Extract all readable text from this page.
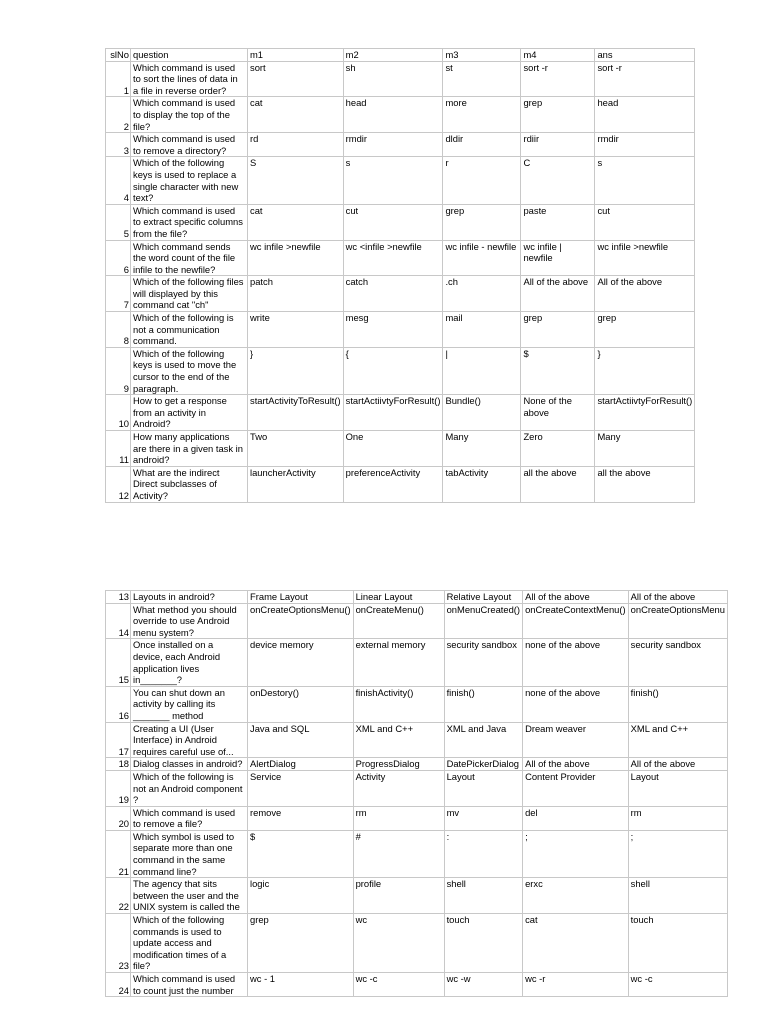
slNo	question	m1	m2	m3	m4	ans
1	Which command is used to sort the lines of data in a file in reverse order?	sort	sh	st	sort -r	sort -r
2	Which command is used to display the top of the file?	cat	head	more	grep	head
3	Which command is used to remove a directory?	rd	rmdir	dldir	rdiir	rmdir
4	Which of the following keys is used to replace a single character with new text?	S	s	r	C	s
5	Which command is used to extract specific columns from the file?	cat	cut	grep	paste	cut
6	Which command sends the word count of the file infile to the newfile?	wc infile >newfile	wc <infile >newfile	wc infile - newfile	wc infile | newfile	wc infile >newfile
7	Which of the following files will displayed by this command cat "ch"	patch	catch	.ch	All of the above	All of the above
8	Which of the following is not a communication command.	write	mesg	mail	grep	grep
9	Which of the following keys is used to move the cursor to the end of the paragraph.	}	{	|	$	}
10	How to get a response from an activity in Android?	startActivityToResult()	startActiivtyForResult()	Bundle()	None of the above	startActiivtyForResult()
11	How many applications are there in a given task in android?	Two	One	Many	Zero	Many
12	What are the indirect Direct subclasses of Activity?	launcherActivity	preferenceActivity	tabActivity	all the above	all the above
13	Layouts in android?	Frame Layout	Linear Layout	Relative Layout	All of the above	All of the above
14	What method you should override to use Android menu system?	onCreateOptionsMenu()	onCreateMenu()	onMenuCreated()	onCreateContextMenu()	onCreateOptionsMenu
15	Once installed on a device, each Android application lives in_______?	device memory	external memory	security sandbox	none of the above	security sandbox
16	You can shut down an activity by calling its _______ method	onDestory()	finishActivity()	finish()	none of the above	finish()
17	Creating a UI (User Interface) in Android requires careful use of...	Java and SQL	XML and C++	XML and Java	Dream weaver	XML and C++
18	Dialog classes in android?	AlertDialog	ProgressDialog	DatePickerDialog	All of the above	All of the above
19	Which of the following is not an Android component ?	Service	Activity	Layout	Content Provider	Layout
20	Which command is used to remove a file?	remove	rm	mv	del	rm
21	Which symbol is used to separate more than one command in the same command line?	$	#	:	;	;
22	The agency that sits between the user and the UNIX system is called the	logic	profile	shell	erxc	shell
23	Which of the following commands is used to update access and modification times of a file?	grep	wc	touch	cat	touch
24	Which command is used to count just the number	wc - 1	wc -c	wc -w	wc -r	wc -c
